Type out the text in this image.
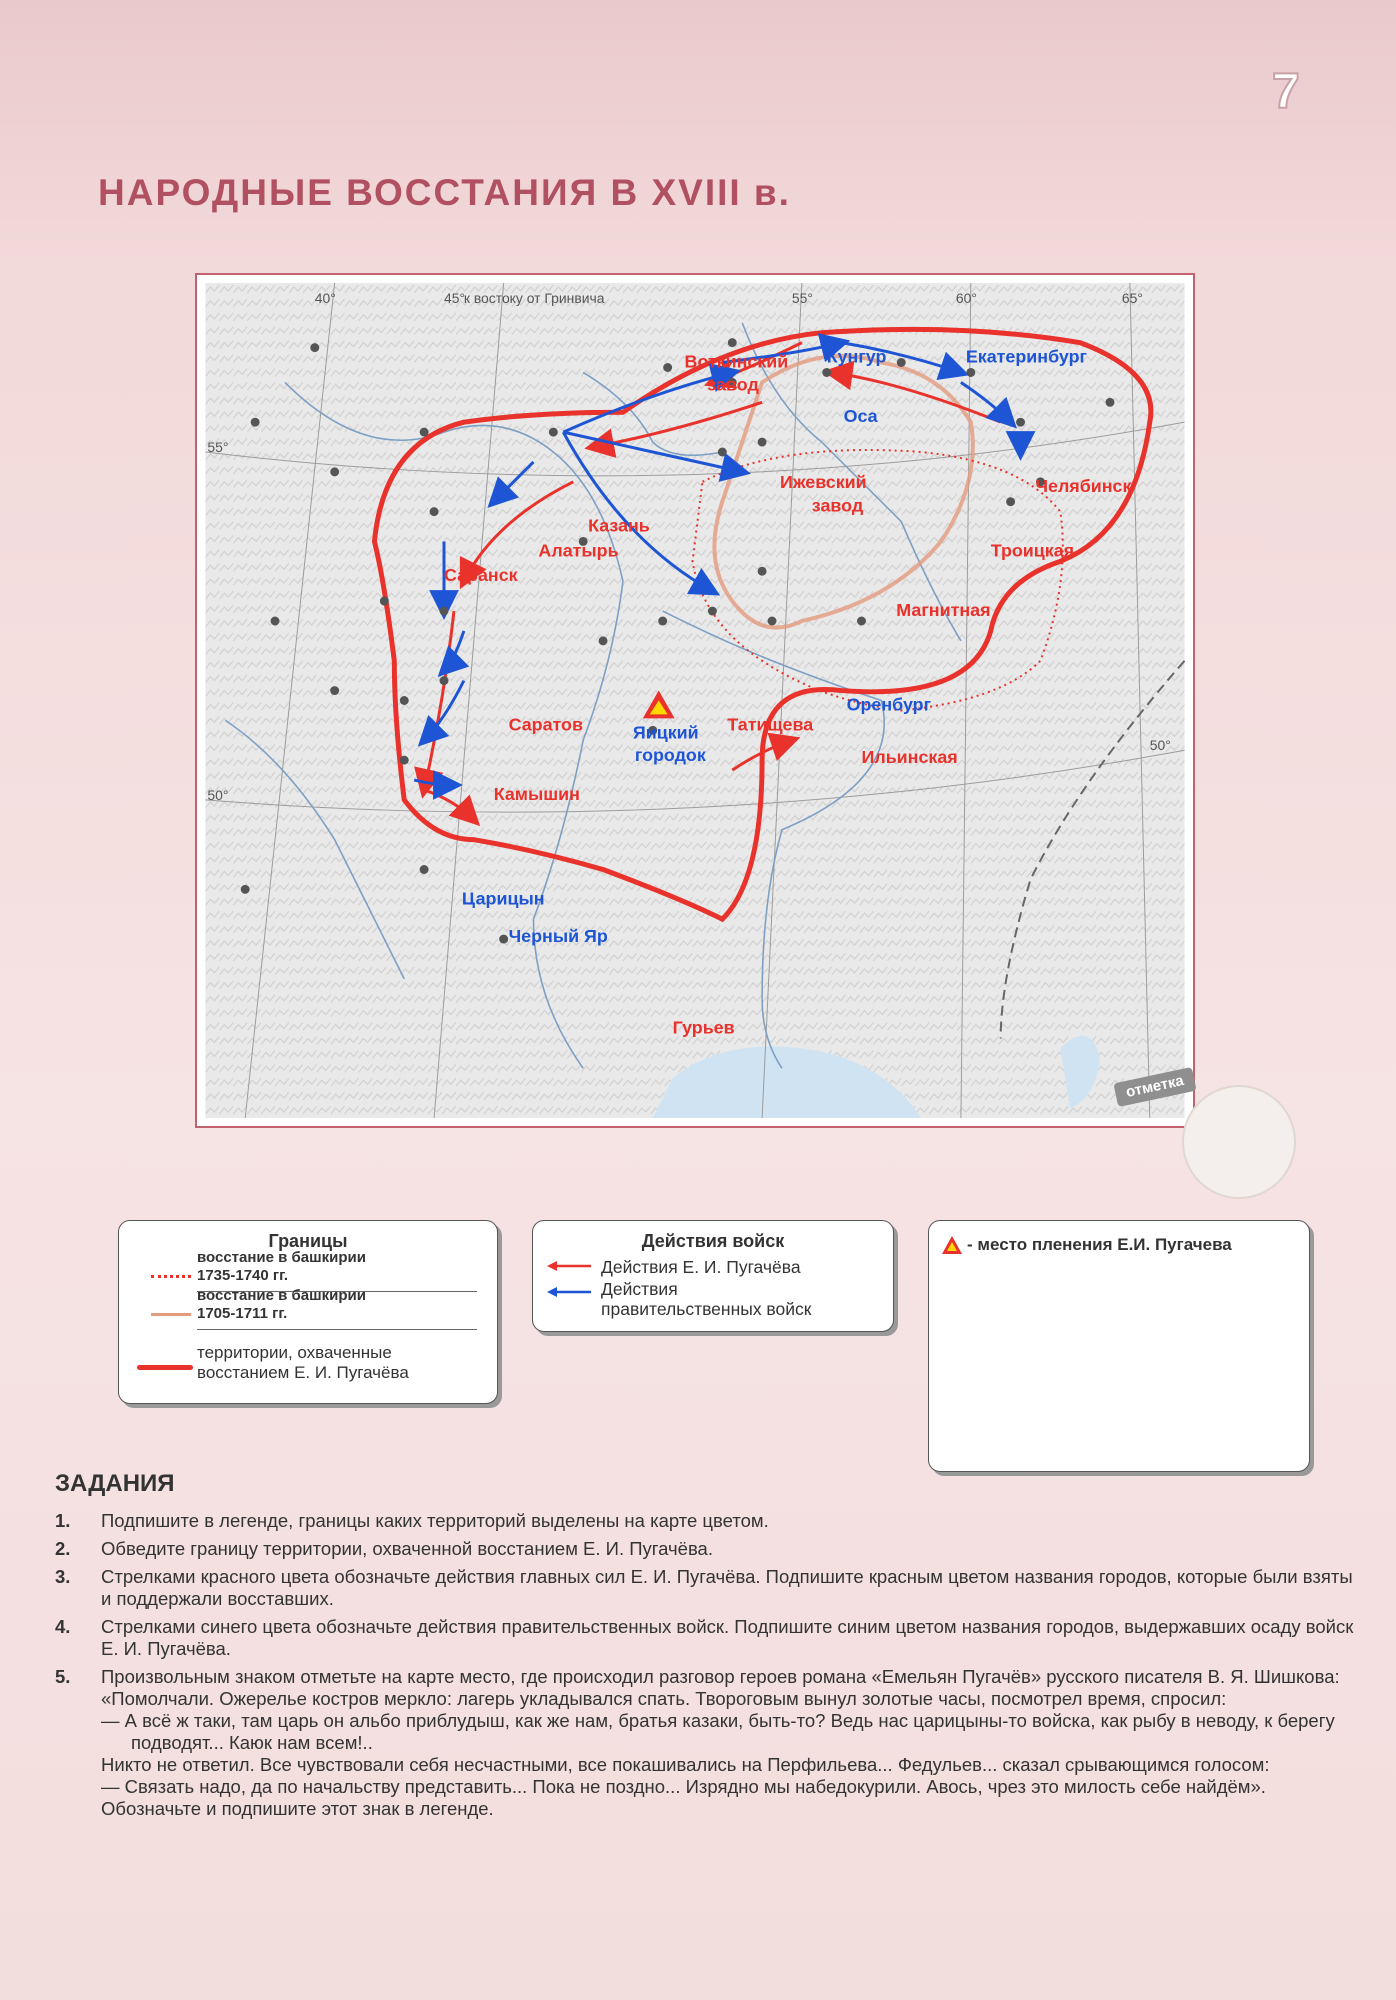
7
НАРОДНЫЕ ВОССТАНИЯ В XVIII в.
40°	45°
к востоку от Гринвича	55°	60°	65°
55°
50°
50°
Воткинский
завод
Ижевский
завод
Казань
Алатырь
Саранск
Саратов
Камышин
Гурьев
Челябинск
Троицкая
Магнитная
Татищева
Ильинская
Кунгур
Оса
Екатеринбург
Оренбург
Яицкий
городок
Царицын
Черный Яр
отметка
Границы
восстание в башкирии
1735-1740 гг.
восстание в башкирии
1705-1711 гг.
территории, охваченные
восстанием Е. И. Пугачёва
Действия войск
Действия Е. И. Пугачёва
Действия
правительственных войск
- место пленения Е.И. Пугачева
ЗАДАНИЯ
1. Подпишите в легенде, границы каких территорий выделены на карте цветом.

2. Обведите границу территории, охваченной восстанием Е. И. Пугачёва.

3. Стрелками красного цвета обозначьте действия главных сил Е. И. Пугачёва. Подпишите красным цветом названия городов, которые были взяты и поддержали восставших.

4. Стрелками синего цвета обозначьте действия правительственных войск. Подпишите синим цветом названия городов, выдержавших осаду войск Е. И. Пугачёва.

5. Произвольным знаком отметьте на карте место, где происходил разговор героев романа «Емельян Пугачёв» русского писателя В. Я. Шишкова:

«Помолчали. Ожерелье костров меркло: лагерь укладывался спать. Твороговым вынул золотые часы, посмотрел время, спросил:

— А всё ж таки, там царь он альбо приблудыш, как же нам, братья казаки, быть-то? Ведь нас царицыны-то войска, как рыбу в неводу, к берегу подводят... Каюк нам всем!..

Никто не ответил. Все чувствовали себя несчастными, все покашивались на Перфильева... Федульев... сказал срывающимся голосом:

— Связать надо, да по начальству представить... Пока не поздно... Изрядно мы набедокурили. Авось, чрез это милость себе найдём».

Обозначьте и подпишите этот знак в легенде.
